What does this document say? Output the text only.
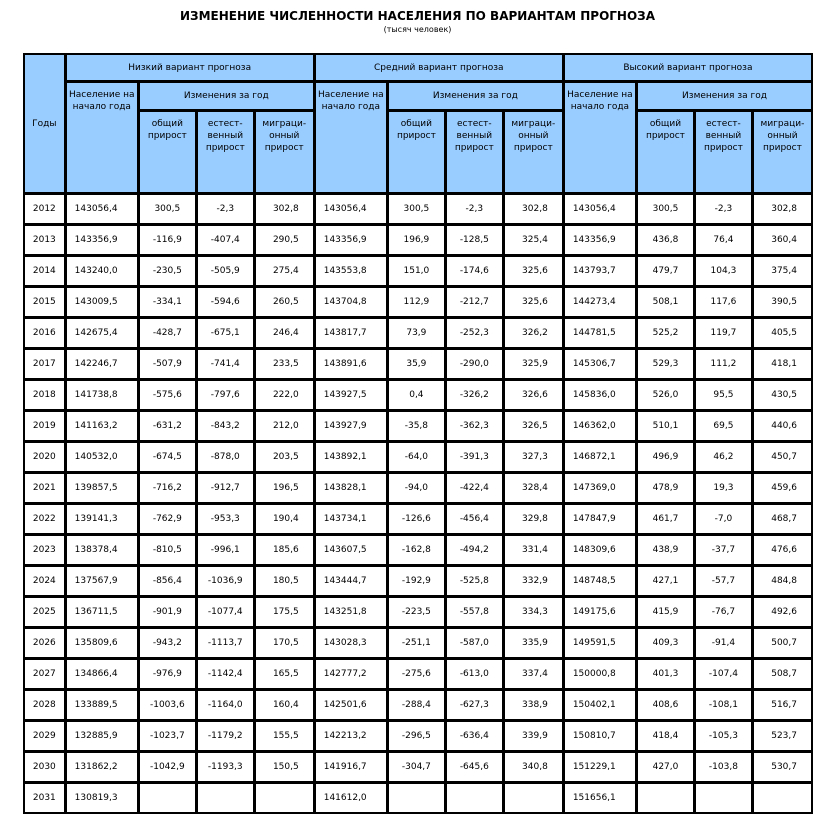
ИЗМЕНЕНИЕ ЧИСЛЕННОСТИ НАСЕЛЕНИЯ ПО ВАРИАНТАМ ПРОГНОЗА
(тысяч человек)
Годы	Низкий вариант прогноза				Средний вариант прогноза				Высокий вариант прогноза			
	Население на начало года	Изменения за год			Население на начало года	Изменения за год			Население на начало года	Изменения за год		
		общий прирост	естест- венный прирост	миграци- онный прирост		общий прирост	естест- венный прирост	миграци- онный прирост		общий прирост	естест- венный прирост	миграци- онный прирост
2012	143056,4	300,5	-2,3	302,8	143056,4	300,5	-2,3	302,8	143056,4	300,5	-2,3	302,8
2013	143356,9	-116,9	-407,4	290,5	143356,9	196,9	-128,5	325,4	143356,9	436,8	76,4	360,4
2014	143240,0	-230,5	-505,9	275,4	143553,8	151,0	-174,6	325,6	143793,7	479,7	104,3	375,4
2015	143009,5	-334,1	-594,6	260,5	143704,8	112,9	-212,7	325,6	144273,4	508,1	117,6	390,5
2016	142675,4	-428,7	-675,1	246,4	143817,7	73,9	-252,3	326,2	144781,5	525,2	119,7	405,5
2017	142246,7	-507,9	-741,4	233,5	143891,6	35,9	-290,0	325,9	145306,7	529,3	111,2	418,1
2018	141738,8	-575,6	-797,6	222,0	143927,5	0,4	-326,2	326,6	145836,0	526,0	95,5	430,5
2019	141163,2	-631,2	-843,2	212,0	143927,9	-35,8	-362,3	326,5	146362,0	510,1	69,5	440,6
2020	140532,0	-674,5	-878,0	203,5	143892,1	-64,0	-391,3	327,3	146872,1	496,9	46,2	450,7
2021	139857,5	-716,2	-912,7	196,5	143828,1	-94,0	-422,4	328,4	147369,0	478,9	19,3	459,6
2022	139141,3	-762,9	-953,3	190,4	143734,1	-126,6	-456,4	329,8	147847,9	461,7	-7,0	468,7
2023	138378,4	-810,5	-996,1	185,6	143607,5	-162,8	-494,2	331,4	148309,6	438,9	-37,7	476,6
2024	137567,9	-856,4	-1036,9	180,5	143444,7	-192,9	-525,8	332,9	148748,5	427,1	-57,7	484,8
2025	136711,5	-901,9	-1077,4	175,5	143251,8	-223,5	-557,8	334,3	149175,6	415,9	-76,7	492,6
2026	135809,6	-943,2	-1113,7	170,5	143028,3	-251,1	-587,0	335,9	149591,5	409,3	-91,4	500,7
2027	134866,4	-976,9	-1142,4	165,5	142777,2	-275,6	-613,0	337,4	150000,8	401,3	-107,4	508,7
2028	133889,5	-1003,6	-1164,0	160,4	142501,6	-288,4	-627,3	338,9	150402,1	408,6	-108,1	516,7
2029	132885,9	-1023,7	-1179,2	155,5	142213,2	-296,5	-636,4	339,9	150810,7	418,4	-105,3	523,7
2030	131862,2	-1042,9	-1193,3	150,5	141916,7	-304,7	-645,6	340,8	151229,1	427,0	-103,8	530,7
2031	130819,3				141612,0				151656,1			
